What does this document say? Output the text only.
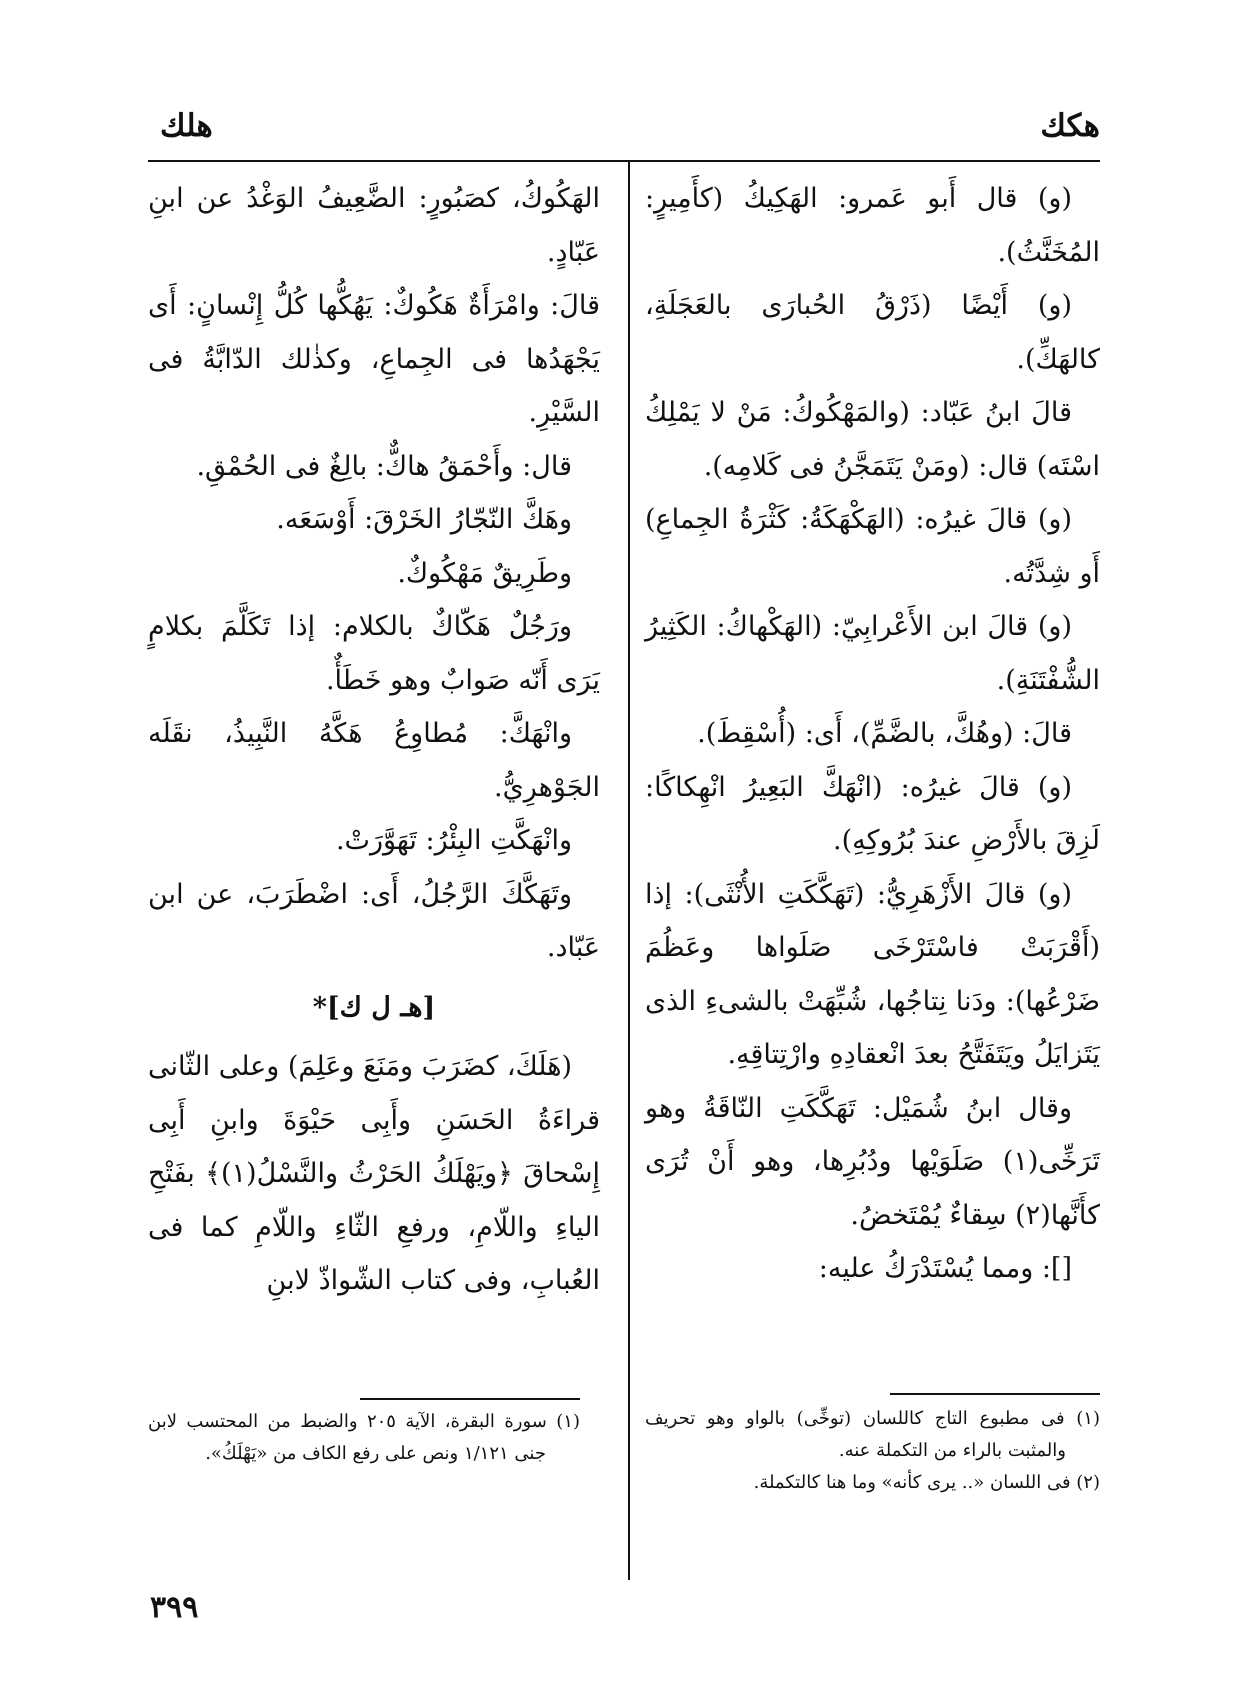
هكك
هلك

(و) قال أَبو عَمرو: الهَكِيكُ (كأَمِيرٍ: المُخَنَّثُ).

(و) أَيْضًا (ذَرْقُ الحُبارَى بالعَجَلَةِ، كالهَكِّ).

قالَ ابنُ عَبّاد: (والمَهْكُوكُ: مَنْ لا يَمْلِكُ اسْتَه) قال: (ومَنْ يَتَمَجَّنُ فى كَلامِه).

(و) قالَ غيرُه: (الهَكْهَكَةُ: كَثْرَةُ الجِماعِ) أَو شِدَّتُه.

(و) قالَ ابن الأَعْرابِيّ: (الهَكْهاكُ: الكَثِيرُ الشُّفْتَنَةِ).

قالَ: (وهُكَّ، بالضَّمِّ)، أَى: (أُسْقِطَ).

(و) قالَ غيرُه: (انْهَكَّ البَعِيرُ انْهِكاكًا: لَزِقَ بالأَرْضِ عندَ بُرُوكِهِ).

(و) قالَ الأَزْهَرِيُّ: (تَهَكَّكَتِ الأُنْثَى): إذا (أَقْرَبَتْ فاسْتَرْخَى صَلَواها وعَظُمَ ضَرْعُها): ودَنا نِتاجُها، شُبِّهَتْ بالشىءِ الذى يَتَزايَلُ ويَتَفَتَّحُ بعدَ انْعقادِهِ وارْتِتاقِهِ.

وقال ابنُ شُمَيْل: تَهَكَّكَتِ النّاقَةُ وهو تَرَخِّى(١) صَلَوَيْها ودُبُرِها، وهو أَنْ تُرَى كأَنَّها(٢) سِقاءٌ يُمْتَخضُ.

[]: ومما يُسْتَدْرَكُ عليه:

الهَكُوكُ، كصَبُورٍ: الضَّعِيفُ الوَغْدُ عن ابنِ عَبّادٍ.

قالَ: وامْرَأَةٌ هَكُوكٌ: يَهُكُّها كُلُّ إِنْسانٍ: أَى يَجْهَدُها فى الجِماعِ، وكذٰلك الدّابَّةُ فى السَّيْرِ.

قال: وأَحْمَقُ هاكٌّ: بالِغٌ فى الحُمْقِ.

وهَكَّ النّجّارُ الخَرْقَ: أَوْسَعَه.

وطَرِيقٌ مَهْكُوكٌ.

ورَجُلٌ هَكّاكٌ بالكلام: إذا تَكَلَّمَ بكلامٍ يَرَى أَنّه صَوابٌ وهو خَطَأٌ.

وانْهَكَّ: مُطاوِعُ هَكَّهُ النَّبِيذُ، نقَلَه الجَوْهرِيُّ.

وانْهَكَّتِ البِئْرُ: تَهَوَّرَتْ.

وتَهَكَّكَ الرَّجُلُ، أَى: اضْطَرَبَ، عن ابن عَبّاد.

[هـ ل ك]*

(هَلَكَ، كضَرَبَ ومَنَعَ وعَلِمَ) وعلى الثّانى قراءَةُ الحَسَنِ وأَبِى حَيْوَةَ وابنِ أَبِى إِسْحاقَ ﴿ويَهْلَكُ الحَرْثُ والنَّسْلُ(١)﴾ بفَتْحِ الياءِ واللّامِ، ورفعِ الثّاءِ واللّامِ كما فى العُبابِ، وفى كتاب الشّواذّ لابنِ

(١) فى مطبوع التاج كاللسان (توخِّى) بالواو وهو تحريف والمثبت بالراء من التكملة عنه.

(٢) فى اللسان «.. يرى كأنه» وما هنا كالتكملة.

(١) سورة البقرة، الآية ٢٠٥ والضبط من المحتسب لابن جنى ١/١٢١ ونص على رفع الكاف من «يَهْلَكُ».

٣٩٩
